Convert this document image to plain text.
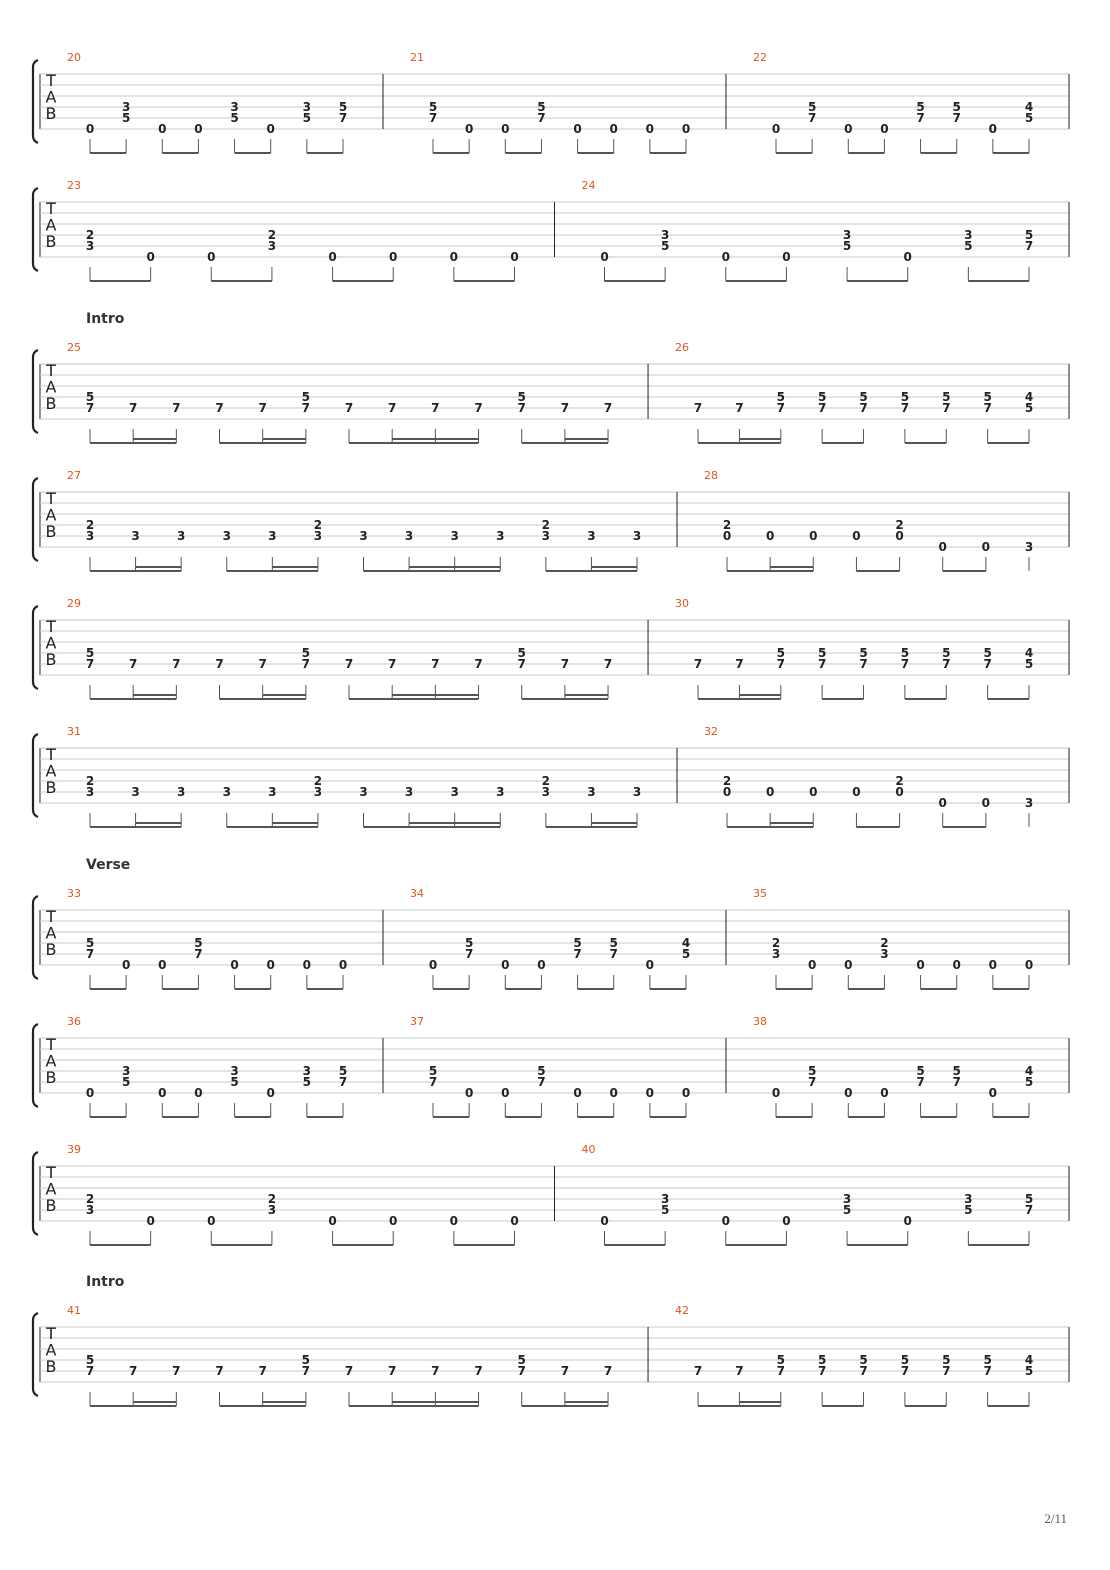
2/11
Intro
Verse
Intro
T
A
B
20
0
3
5
0 0
3
5
0
3
5
5
7
21
5
7
0 0
5
7
0 0 0 0
22
0
5
7
0 0
5
7
5
7
0
4
5
T
A
B
23
2
3
0	0
2
3
0	0	0	0
24
0
3
5
0	0
3
5
0
3
5
5
7
T
A
B
25
5
7	7	7	7	7
5
7	7	7	7	7
5
7	7	7
26
7	7
5
7
5
7
5
7
5
7
5
7
5
7
4
5
T
A
B
27
2
3	3	3	3	3
2
3	3	3	3	3
2
3	3	3
28
2
0	0	0	0
2
0
0	0	3
T
A
B
29
5
7	7	7	7	7
5
7	7	7	7	7
5
7	7	7
30
7	7
5
7
5
7
5
7
5
7
5
7
5
7
4
5
T
A
B
31
2
3	3	3	3	3
2
3	3	3	3	3
2
3	3	3
32
2
0	0	0	0
2
0
0	0	3
T
A
B
33
5
7
0 0
5
7
0 0 0 0
34
0
5
7
0 0
5
7
5
7
0
4
5
35
2
3
0 0
2
3
0 0 0 0
T
A
B
36
0
3
5
0 0
3
5
0
3
5
5
7
37
5
7
0 0
5
7
0 0 0 0
38
0
5
7
0 0
5
7
5
7
0
4
5
T
A
B
39
2
3
0	0
2
3
0	0	0	0
40
0
3
5
0	0
3
5
0
3
5
5
7
T
A
B
41
5
7	7	7	7	7
5
7	7	7	7	7
5
7	7	7
42
7	7
5
7
5
7
5
7
5
7
5
7
5
7
4
5
